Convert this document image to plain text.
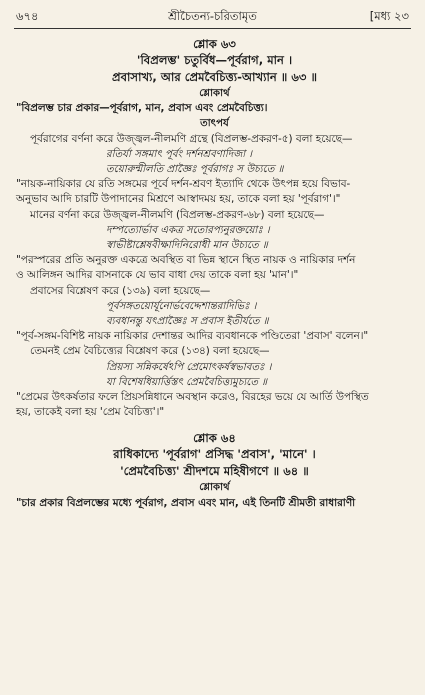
৬৭৪	শ্রীচৈতন্য-চরিতামৃত	[মধ্য ২৩
শ্লোক ৬৩
'বিপ্রলম্ভ' চতুর্বিধ—পূর্বরাগ, মান ।
প্রবাসাখ্য, আর প্রেমবৈচিত্ত্য-আখ্যান ॥ ৬৩ ॥
শ্লোকার্থ
"বিপ্রলম্ভ চার প্রকার—পূর্বরাগ, মান, প্রবাস এবং প্রেমবৈচিত্ত্য।
তাৎপর্য
পূর্বরাগের বর্ণনা করে উজ্জ্বল-নীলমণি গ্রন্থে (বিপ্রলম্ভ-প্রকরণ-৫) বলা হয়েছে—
রতির্যা সঙ্গমাৎ পূর্বং দর্শনশ্রবণাদিজা ।
তয়োরুন্মীলতি প্রাজ্ঞৈঃ পূর্বরাগঃ স উচ্যতে ॥
"নায়ক-নায়িকার যে রতি সঙ্গমের পূর্বে দর্শন-শ্রবণ ইত্যাদি থেকে উৎপন্ন হয়ে বিভাব-
অনুভাব আদি চারটি উপাদানের মিশ্রণে আস্বাদময় হয়, তাকে বলা হয় 'পূর্বরাগ'।"
মানের বর্ণনা করে উজ্জ্বল-নীলমণি (বিপ্রলম্ভ-প্রকরণ-৬৮) বলা হয়েছে—
দম্পত্যোর্ভাব একত্র সতোরপ্যনুরক্তয়োঃ ।
স্বাভীষ্টাশ্লেষবীক্ষাদিনিরোধী মান উচ্যতে ॥
"পরস্পরের প্রতি অনুরক্ত একত্রে অবস্থিত বা ভিন্ন স্থানে স্থিত নায়ক ও নায়িকার দর্শন
ও আলিঙ্গন আদির বাসনাকে যে ভাব বাধা দেয় তাকে বলা হয় 'মান'।"
প্রবাসের বিশ্লেষণ করে (১৩৯) বলা হয়েছে—
পূর্বসঙ্গতয়োর্যূনোর্ভবেদ্দেশান্তরাদিভিঃ ।
ব্যবধানন্তু যৎপ্রাজ্ঞৈঃ স প্রবাস ইতীর্যতে ॥
"পূর্ব-সঙ্গম-বিশিষ্ট নায়ক নায়িকার দেশান্তর আদির ব্যবধানকে পণ্ডিতেরা 'প্রবাস' বলেন।"
তেমনই প্রেম বৈচিত্ত্যের বিশ্লেষণ করে (১৩৪) বলা হয়েছে—
প্রিয়স্য সন্নিকর্ষেঽপি প্রেমোৎকর্ষস্বভাবতঃ ।
যা বিশেষধিয়ার্ত্তিস্তৎ প্রেমবৈচিত্ত্যমুচ্যতে ॥
"প্রেমের উৎকর্ষতার ফলে প্রিয়সন্নিধানে অবস্থান করেও, বিরহের ভয়ে যে আর্তি উপস্থিত
হয়, তাকেই বলা হয় 'প্রেম বৈচিত্ত্য'।"
শ্লোক ৬৪
রাধিকাদ্যে 'পূর্বরাগ' প্রসিদ্ধ 'প্রবাস', 'মানে' ।
'প্রেমবৈচিত্ত্য' শ্রীদশমে মহিষীগণে ॥ ৬৪ ॥
শ্লোকার্থ
"চার প্রকার বিপ্রলম্ভের মধ্যে পূর্বরাগ, প্রবাস এবং মান, এই তিনটি শ্রীমতী রাধারাণী
